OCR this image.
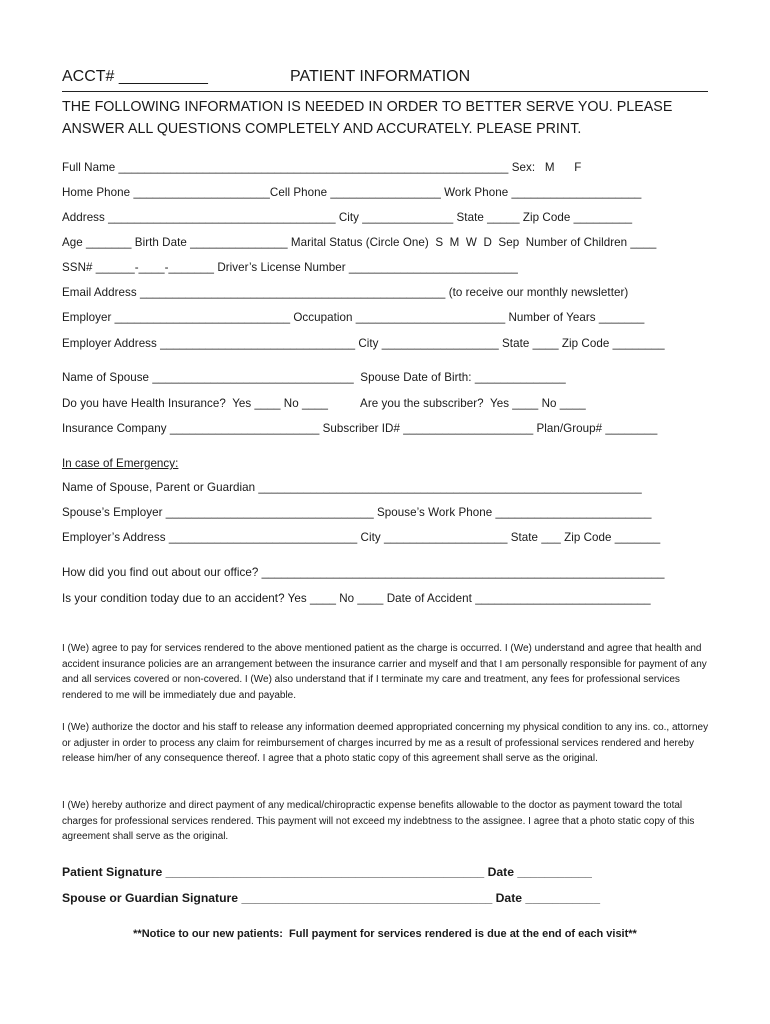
ACCT# __________	PATIENT INFORMATION
THE FOLLOWING INFORMATION IS NEEDED IN ORDER TO BETTER SERVE YOU. PLEASE ANSWER ALL QUESTIONS COMPLETELY AND ACCURATELY. PLEASE PRINT.
Full Name ____________________________________________________________ Sex:   M      F
Home Phone _____________________Cell Phone _________________ Work Phone ____________________
Address ___________________________________ City ______________ State _____ Zip Code _________
Age _______ Birth Date _______________ Marital Status (Circle One)  S  M  W  D  Sep  Number of Children ____
SSN# ______-____-_______ Driver’s License Number __________________________
Email Address _______________________________________________ (to receive our monthly newsletter)
Employer ___________________________ Occupation _______________________ Number of Years _______
Employer Address ______________________________ City __________________ State ____ Zip Code ________
Name of Spouse _______________________________  Spouse Date of Birth: ______________
Do you have Health Insurance?  Yes ____ No ____          Are you the subscriber?  Yes ____ No ____
Insurance Company _______________________ Subscriber ID# ____________________ Plan/Group# ________
In case of Emergency:
Name of Spouse, Parent or Guardian ___________________________________________________________
Spouse’s Employer ________________________________ Spouse’s Work Phone ________________________
Employer’s Address _____________________________ City ___________________ State ___ Zip Code _______
How did you find out about our office? ______________________________________________________________
Is your condition today due to an accident? Yes ____ No ____ Date of Accident ___________________________
I (We) agree to pay for services rendered to the above mentioned patient as the charge is occurred. I (We) understand and agree that health and accident insurance policies are an arrangement between the insurance carrier and myself and that I am personally responsible for payment of any and all services covered or non-covered. I (We) also understand that if I terminate my care and treatment, any fees for professional services rendered to me will be immediately due and payable.
I (We) authorize the doctor and his staff to release any information deemed appropriated concerning my physical condition to any ins. co., attorney or adjuster in order to process any claim for reimbursement of charges incurred by me as a result of professional services rendered and hereby release him/her of any consequence thereof. I agree that a photo static copy of this agreement shall serve as the original.
I (We) hereby authorize and direct payment of any medical/chiropractic expense benefits allowable to the doctor as payment toward the total charges for professional services rendered. This payment will not exceed my indebtness to the assignee. I agree that a photo static copy of this agreement shall serve as the original.
Patient Signature _______________________________________________ Date ___________
Spouse or Guardian Signature _____________________________________ Date ___________
**Notice to our new patients:  Full payment for services rendered is due at the end of each visit**
